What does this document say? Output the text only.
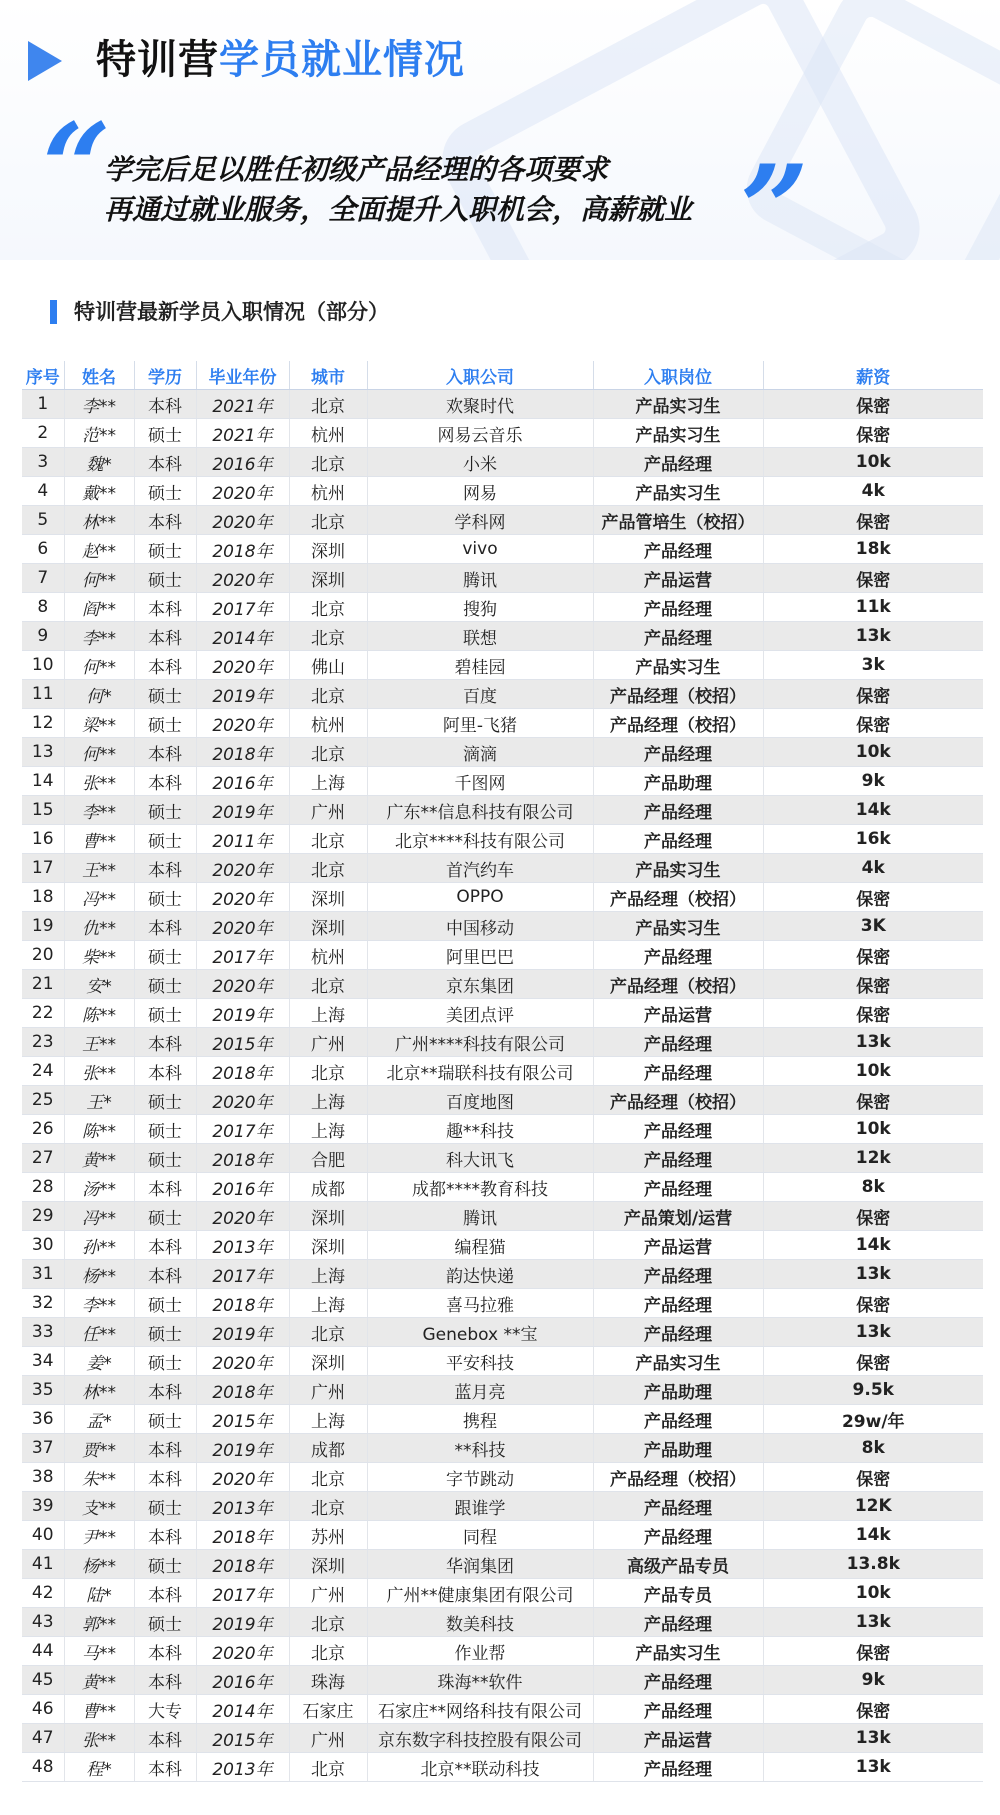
特训营学员就业情况
“
学完后足以胜任初级产品经理的各项要求
再通过就业服务，全面提升入职机会，高薪就业 ”
特训营最新学员入职情况（部分）
序号	姓名	学历	毕业年份	城市	入职公司	入职岗位	薪资
1	李**	本科	2021年	北京	欢聚时代	产品实习生	保密
2	范**	硕士	2021年	杭州	网易云音乐	产品实习生	保密
3	魏*	本科	2016年	北京	小米	产品经理	10k
4	戴**	硕士	2020年	杭州	网易	产品实习生	4k
5	林**	本科	2020年	北京	学科网	产品管培生（校招）	保密
6	赵**	硕士	2018年	深圳	vivo	产品经理	18k
7	何**	硕士	2020年	深圳	腾讯	产品运营	保密
8	阎**	本科	2017年	北京	搜狗	产品经理	11k
9	李**	本科	2014年	北京	联想	产品经理	13k
10	何**	本科	2020年	佛山	碧桂园	产品实习生	3k
11	何*	硕士	2019年	北京	百度	产品经理（校招）	保密
12	梁**	硕士	2020年	杭州	阿里-飞猪	产品经理（校招）	保密
13	何**	本科	2018年	北京	滴滴	产品经理	10k
14	张**	本科	2016年	上海	千图网	产品助理	9k
15	李**	硕士	2019年	广州	广东**信息科技有限公司	产品经理	14k
16	曹**	硕士	2011年	北京	北京****科技有限公司	产品经理	16k
17	王**	本科	2020年	北京	首汽约车	产品实习生	4k
18	冯**	硕士	2020年	深圳	OPPO	产品经理（校招）	保密
19	仇**	本科	2020年	深圳	中国移动	产品实习生	3K
20	柴**	硕士	2017年	杭州	阿里巴巴	产品经理	保密
21	安*	硕士	2020年	北京	京东集团	产品经理（校招）	保密
22	陈**	硕士	2019年	上海	美团点评	产品运营	保密
23	王**	本科	2015年	广州	广州****科技有限公司	产品经理	13k
24	张**	本科	2018年	北京	北京**瑞联科技有限公司	产品经理	10k
25	王*	硕士	2020年	上海	百度地图	产品经理（校招）	保密
26	陈**	硕士	2017年	上海	趣**科技	产品经理	10k
27	黄**	硕士	2018年	合肥	科大讯飞	产品经理	12k
28	汤**	本科	2016年	成都	成都****教育科技	产品经理	8k
29	冯**	硕士	2020年	深圳	腾讯	产品策划/运营	保密
30	孙**	本科	2013年	深圳	编程猫	产品运营	14k
31	杨**	本科	2017年	上海	韵达快递	产品经理	13k
32	李**	硕士	2018年	上海	喜马拉雅	产品经理	保密
33	任**	硕士	2019年	北京	Genebox **宝	产品经理	13k
34	姜*	硕士	2020年	深圳	平安科技	产品实习生	保密
35	林**	本科	2018年	广州	蓝月亮	产品助理	9.5k
36	孟*	硕士	2015年	上海	携程	产品经理	29w/年
37	贾**	本科	2019年	成都	**科技	产品助理	8k
38	朱**	本科	2020年	北京	字节跳动	产品经理（校招）	保密
39	支**	硕士	2013年	北京	跟谁学	产品经理	12K
40	尹**	本科	2018年	苏州	同程	产品经理	14k
41	杨**	硕士	2018年	深圳	华润集团	高级产品专员	13.8k
42	陆*	本科	2017年	广州	广州**健康集团有限公司	产品专员	10k
43	郭**	硕士	2019年	北京	数美科技	产品经理	13k
44	马**	本科	2020年	北京	作业帮	产品实习生	保密
45	黄**	本科	2016年	珠海	珠海**软件	产品经理	9k
46	曹**	大专	2014年	石家庄	石家庄**网络科技有限公司	产品经理	保密
47	张**	本科	2015年	广州	京东数字科技控股有限公司	产品运营	13k
48	程*	本科	2013年	北京	北京**联动科技	产品经理	13k
